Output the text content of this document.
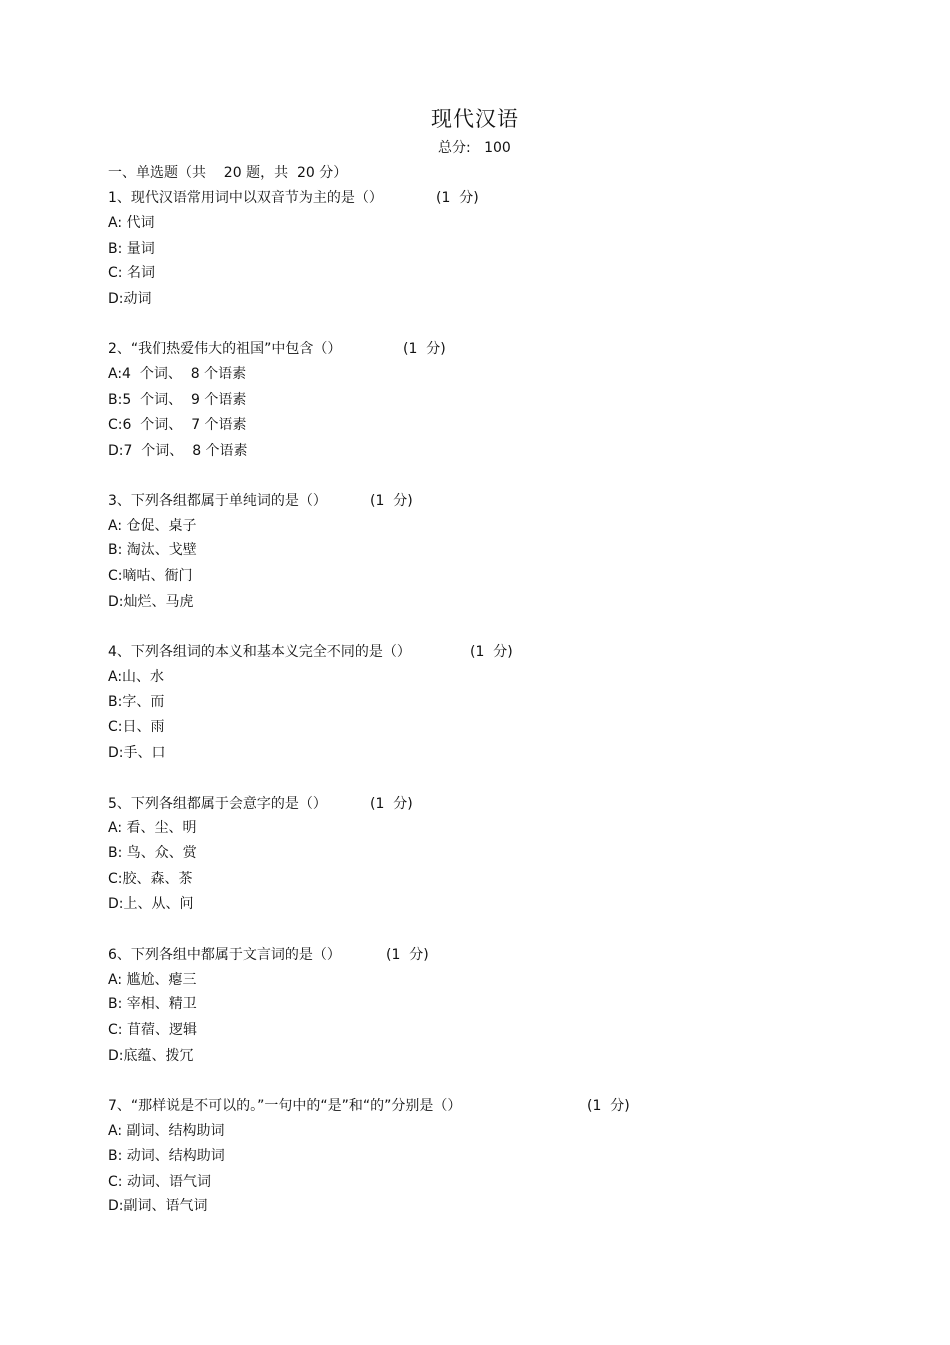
现代汉语
总分:   100
一、单选题（共    20 题，共  20 分）
1、现代汉语常用词中以双音节为主的是（）	(1  分)
A: 代词
B: 量词
C: 名词
D:动词
2、“我们热爱伟大的祖国”中包含（）	(1  分)
A:4  个词、  8 个语素
B:5  个词、  9 个语素
C:6  个词、  7 个语素
D:7  个词、  8 个语素
3、下列各组都属于单纯词的是（）	(1  分)
A: 仓促、桌子
B: 淘汰、戈壁
C:嘀咕、衙门
D:灿烂、马虎
4、下列各组词的本义和基本义完全不同的是（）	(1  分)
A:山、水
B:字、而
C:日、雨
D:手、口
5、下列各组都属于会意字的是（）	(1  分)
A: 看、尘、明
B: 鸟、众、赏
C:胶、森、茶
D:上、从、问
6、下列各组中都属于文言词的是（）	(1  分)
A: 尴尬、瘪三
B: 宰相、精卫
C: 苜蓿、逻辑
D:底蕴、拨冗
7、“那样说是不可以的。”一句中的“是”和“的”分别是（）	(1  分)
A: 副词、结构助词
B: 动词、结构助词
C: 动词、语气词
D:副词、语气词
